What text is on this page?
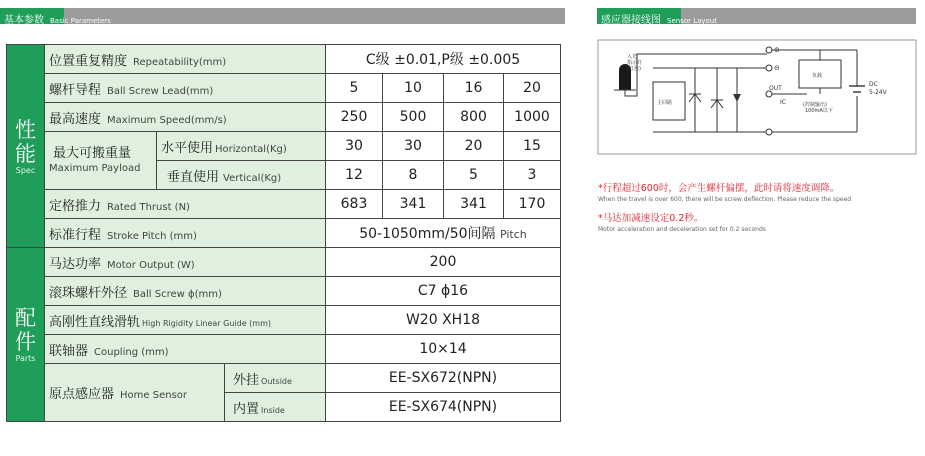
基本参数 Basic Parameters	感应器接线图 Sensor Layout
性
能
Spec	位置重复精度 Repeatability(mm)			C级 ±0.01,P级 ±0.005			
	螺杆导程 Ball Screw Lead(mm)			5	10	16	20
	最高速度 Maximum Speed(mm/s)			250	500	800	1000

	最大可搬重量
Maximum Payload	水平使用 Horizontal(Kg)		30	30	20	15
		垂直使用 Vertical(Kg)		12	8	5	3
	定格推力 Rated Thrust (N)			683	341	341	170
	标准行程 Stroke Pitch (mm)			50-1050mm/50间隔 Pitch			

配
件
Parts	马达功率 Motor Output (W)			200			
	滚珠螺杆外径 Ball Screw ϕ(mm)			C7 ϕ16			
	高刚性直线滑轨 High Rigidity Linear Guide (mm)			W20 XH18			
	联轴器 Coupling (mm)			10×14			
	原点感应器 Home Sensor		外挂 Outside	EE-SX672(NPN)			
			内置 Inside	EE-SX674(NPN)			
入光
指示灯
(红色)
主回路
⊕
⊖
OUT
IC
负载
(控制输出)
100mA以下
DC
5-24V
*行程超过600时，会产生螺杆偏摆，此时请将速度调降。
When the travel is over 600, there will be screw deflection. Please reduce the speed
*马达加减速设定0.2秒。
Motor acceleration and deceleration set for 0.2 seconds
